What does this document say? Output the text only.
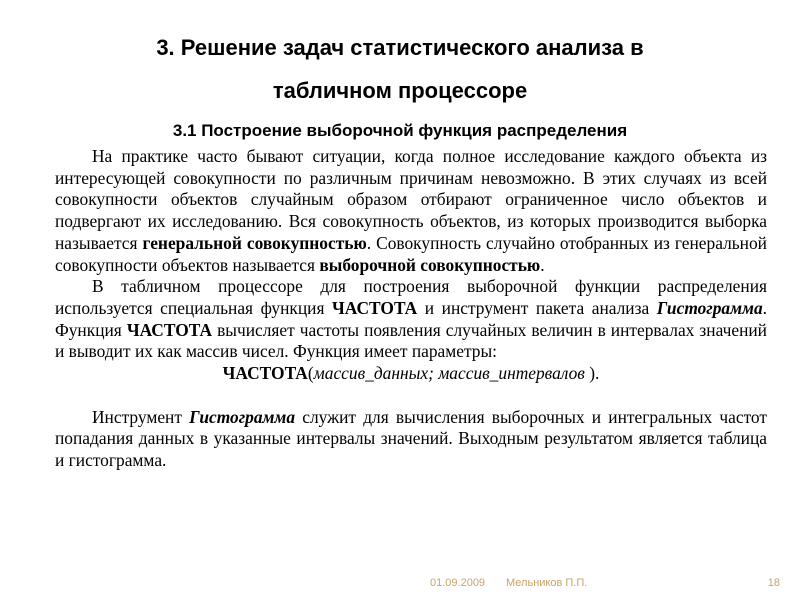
3. Решение задач статистического анализа в
табличном процессоре
3.1 Построение выборочной функция распределения

На практике часто бывают ситуации, когда полное исследование каждого объекта из интересующей совокупности по различным причинам невозможно. В этих случаях из всей совокупности объектов случайным образом отбирают ограниченное число объектов и подвергают их исследованию. Вся совокупность объектов, из которых производится выборка называется генеральной совокупностью. Совокупность случайно отобранных из генеральной совокупности объектов называется выборочной совокупностью.

В табличном процессоре для построения выборочной функции распределения используется специальная функция ЧАСТОТА и инструмент пакета анализа Гистограмма. Функция ЧАСТОТА вычисляет частоты появления случайных величин в интервалах значений и выводит их как массив чисел. Функция имеет параметры:

ЧАСТОТА(массив_данных; массив_интервалов ).

Инструмент Гистограмма служит для вычисления выборочных и интегральных частот попадания данных в указанные интервалы значений. Выходным результатом является таблица и гистограмма.

01.09.2009 Мельников П.П.	18
